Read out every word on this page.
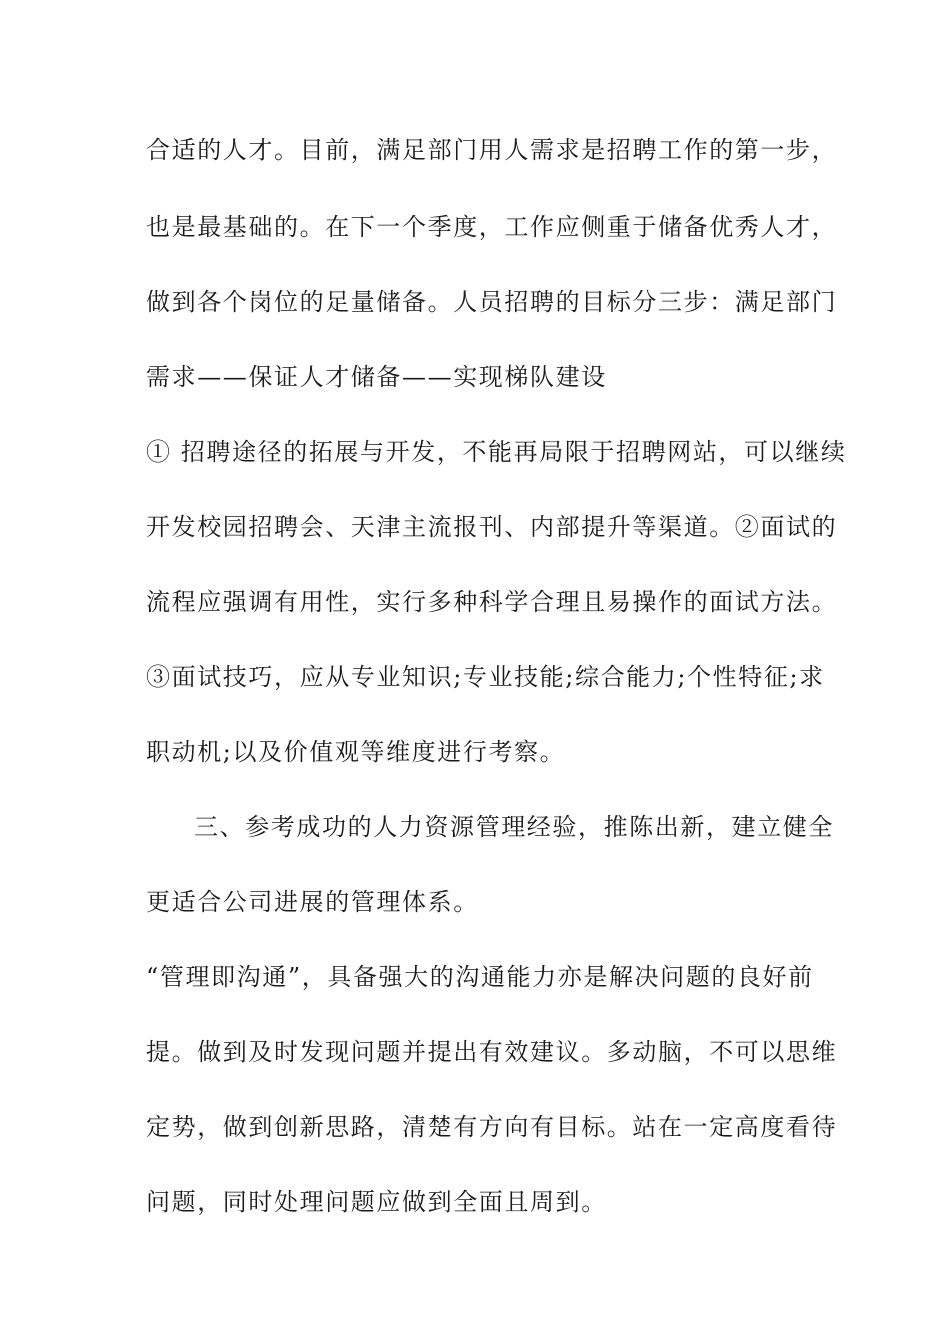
合适的人才。目前，满足部门用人需求是招聘工作的第一步，
也是最基础的。在下一个季度，工作应侧重于储备优秀人才，
做到各个岗位的足量储备。人员招聘的目标分三步：满足部门
需求——保证人才储备——实现梯队建设
① 招聘途径的拓展与开发，不能再局限于招聘网站，可以继续
开发校园招聘会、天津主流报刊、内部提升等渠道。②面试的
流程应强调有用性，实行多种科学合理且易操作的面试方法。
③面试技巧，应从专业知识;专业技能;综合能力;个性特征;求
职动机;以及价值观等维度进行考察。
三、参考成功的人力资源管理经验，推陈出新，建立健全
更适合公司进展的管理体系。
“管理即沟通”，具备强大的沟通能力亦是解决问题的良好前
提。做到及时发现问题并提出有效建议。多动脑，不可以思维
定势，做到创新思路，清楚有方向有目标。站在一定高度看待
问题，同时处理问题应做到全面且周到。
